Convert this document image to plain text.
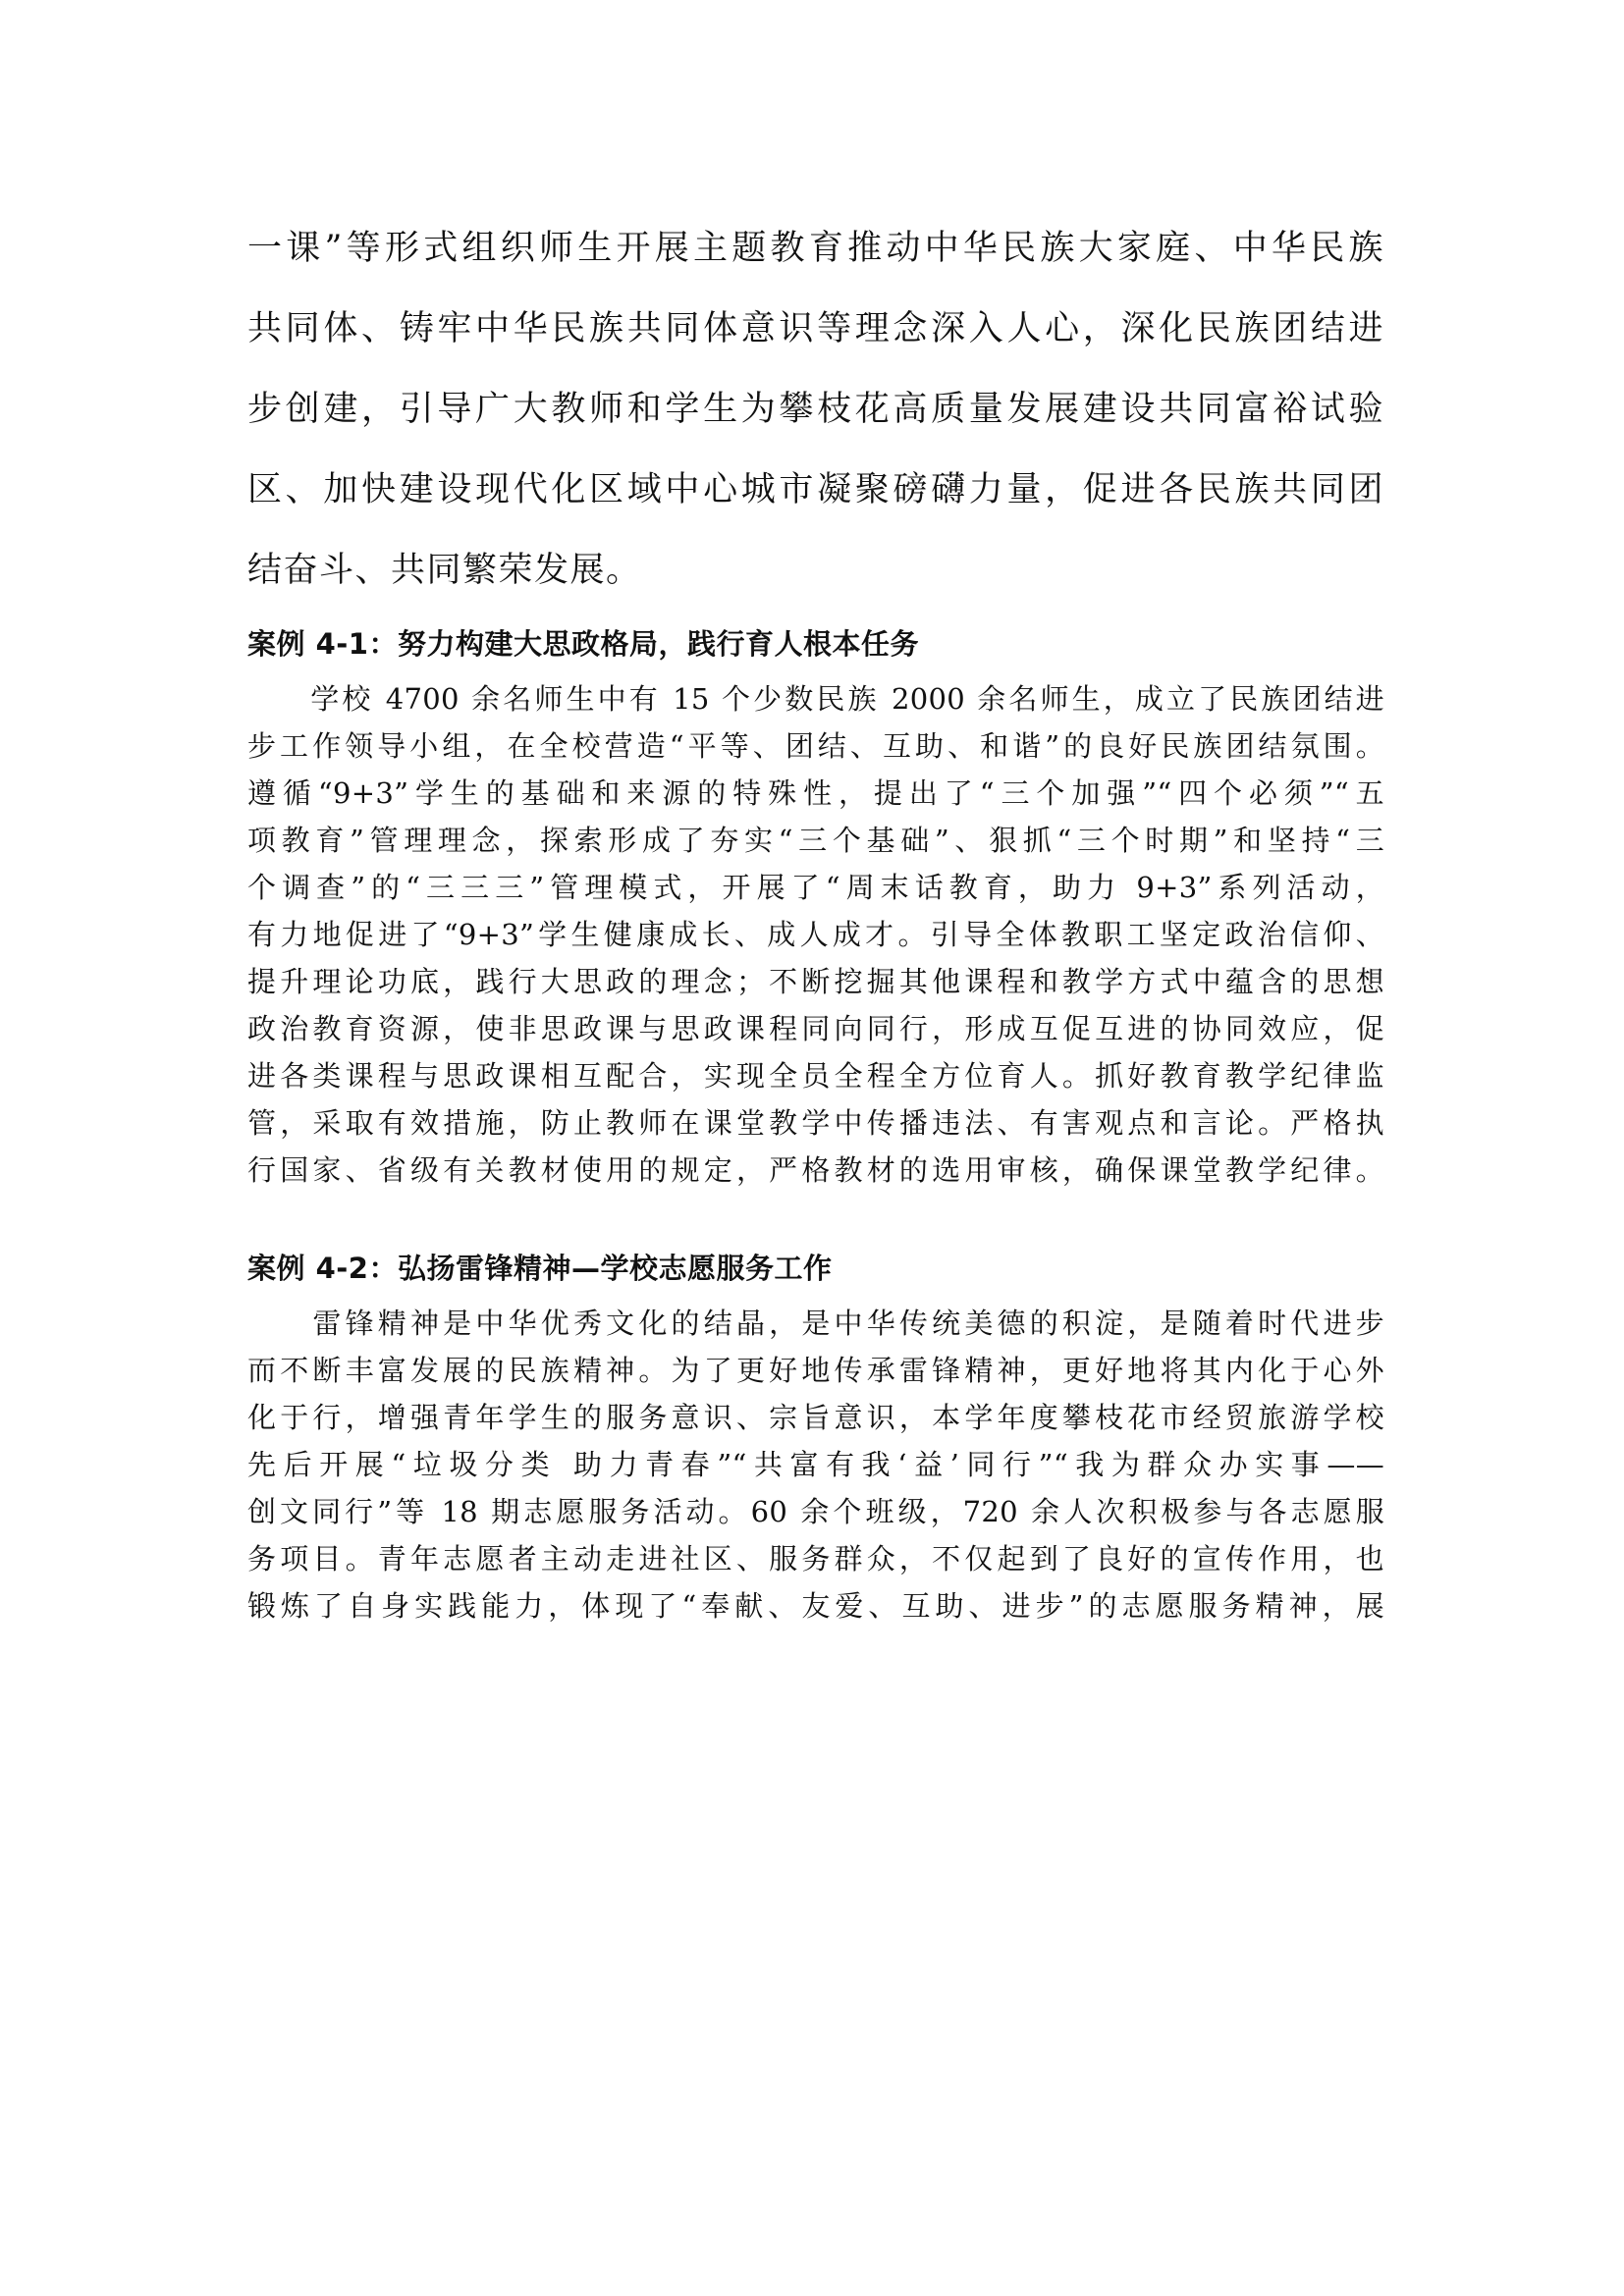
一课”等形式组织师生开展主题教育推动中华民族大家庭、中华民族
共同体、铸牢中华民族共同体意识等理念深入人心，深化民族团结进
步创建，引导广大教师和学生为攀枝花高质量发展建设共同富裕试验
区、加快建设现代化区域中心城市凝聚磅礴力量，促进各民族共同团
结奋斗、共同繁荣发展。
案例 4-1：努力构建大思政格局，践行育人根本任务
　　学校 4700 余名师生中有 15 个少数民族 2000 余名师生，成立了民族团结进
步工作领导小组，在全校营造“平等、团结、互助、和谐”的良好民族团结氛围。
遵循“9+3”学生的基础和来源的特殊性，提出了“三个加强”“四个必须”“五
项教育”管理理念，探索形成了夯实“三个基础”、狠抓“三个时期”和坚持“三
个调查”的“三三三”管理模式，开展了“周末话教育，助力 9+3”系列活动，
有力地促进了“9+3”学生健康成长、成人成才。引导全体教职工坚定政治信仰、
提升理论功底，践行大思政的理念；不断挖掘其他课程和教学方式中蕴含的思想
政治教育资源，使非思政课与思政课程同向同行，形成互促互进的协同效应，促
进各类课程与思政课相互配合，实现全员全程全方位育人。抓好教育教学纪律监
管，采取有效措施，防止教师在课堂教学中传播违法、有害观点和言论。严格执
行国家、省级有关教材使用的规定，严格教材的选用审核，确保课堂教学纪律。
案例 4-2：弘扬雷锋精神—学校志愿服务工作
　　雷锋精神是中华优秀文化的结晶，是中华传统美德的积淀，是随着时代进步
而不断丰富发展的民族精神。为了更好地传承雷锋精神，更好地将其内化于心外
化于行，增强青年学生的服务意识、宗旨意识，本学年度攀枝花市经贸旅游学校
先后开展“垃圾分类 助力青春”“共富有我‘益’同行”“我为群众办实事——
创文同行”等 18 期志愿服务活动。60 余个班级，720 余人次积极参与各志愿服
务项目。青年志愿者主动走进社区、服务群众，不仅起到了良好的宣传作用，也
锻炼了自身实践能力，体现了“奉献、友爱、互助、进步”的志愿服务精神，展
